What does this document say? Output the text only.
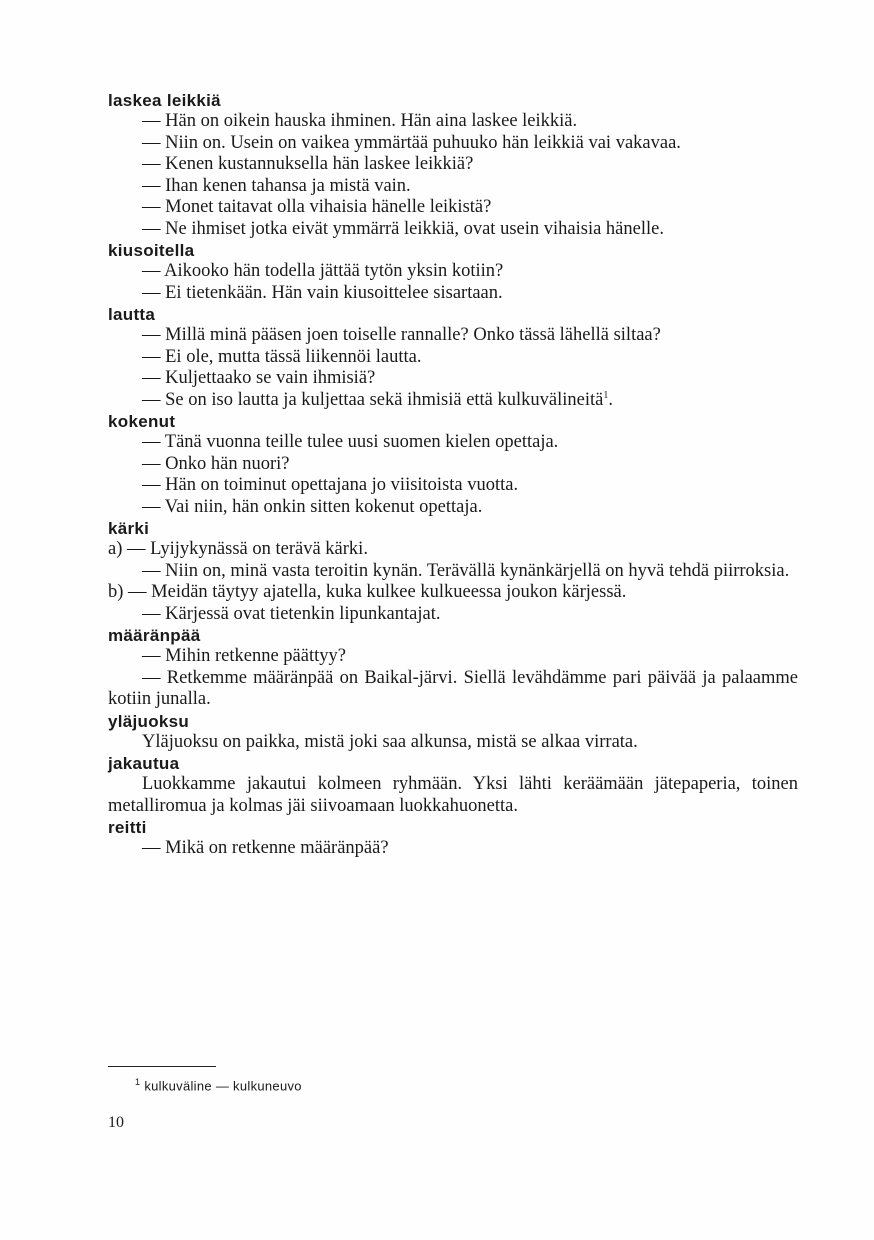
laskea leikkiä
— Hän on oikein hauska ihminen. Hän aina laskee leikkiä.
— Niin on. Usein on vaikea ymmärtää puhuuko hän leikkiä vai vakavaa.
— Kenen kustannuksella hän laskee leikkiä?
— Ihan kenen tahansa ja mistä vain.
— Monet taitavat olla vihaisia hänelle leikistä?
— Ne ihmiset jotka eivät ymmärrä leikkiä, ovat usein vihaisia hänelle.
kiusoitella
— Aikooko hän todella jättää tytön yksin kotiin?
— Ei tietenkään. Hän vain kiusoittelee sisartaan.
lautta
— Millä minä pääsen joen toiselle rannalle? Onko tässä lähellä siltaa?
— Ei ole, mutta tässä liikennöi lautta.
— Kuljettaako se vain ihmisiä?
— Se on iso lautta ja kuljettaa sekä ihmisiä että kulkuvälineitä$^1$.
kokenut
— Tänä vuonna teille tulee uusi suomen kielen opettaja.
— Onko hän nuori?
— Hän on toiminut opettajana jo viisitoista vuotta.
— Vai niin, hän onkin sitten kokenut opettaja.
kärki
a) — Lyijykynässä on terävä kärki.
— Niin on, minä vasta teroitin kynän. Terävällä kynänkärjellä on hyvä tehdä piirroksia.
b) — Meidän täytyy ajatella, kuka kulkee kulkueessa joukon kärjessä.
— Kärjessä ovat tietenkin lipunkantajat.
määränpää
— Mihin retkenne päättyy?
— Retkemme määränpää on Baikal-järvi. Siellä levähdämme pari päivää ja palaamme kotiin junalla.
yläjuoksu
Yläjuoksu on paikka, mistä joki saa alkunsa, mistä se alkaa virrata.
jakautua
Luokkamme jakautui kolmeen ryhmään. Yksi lähti keräämään jätepaperia, toinen metalliromua ja kolmas jäi siivoamaan luokkahuonetta.
reitti
— Mikä on retkenne määränpää?
$^1$ kulkuväline — kulkuneuvo
10
